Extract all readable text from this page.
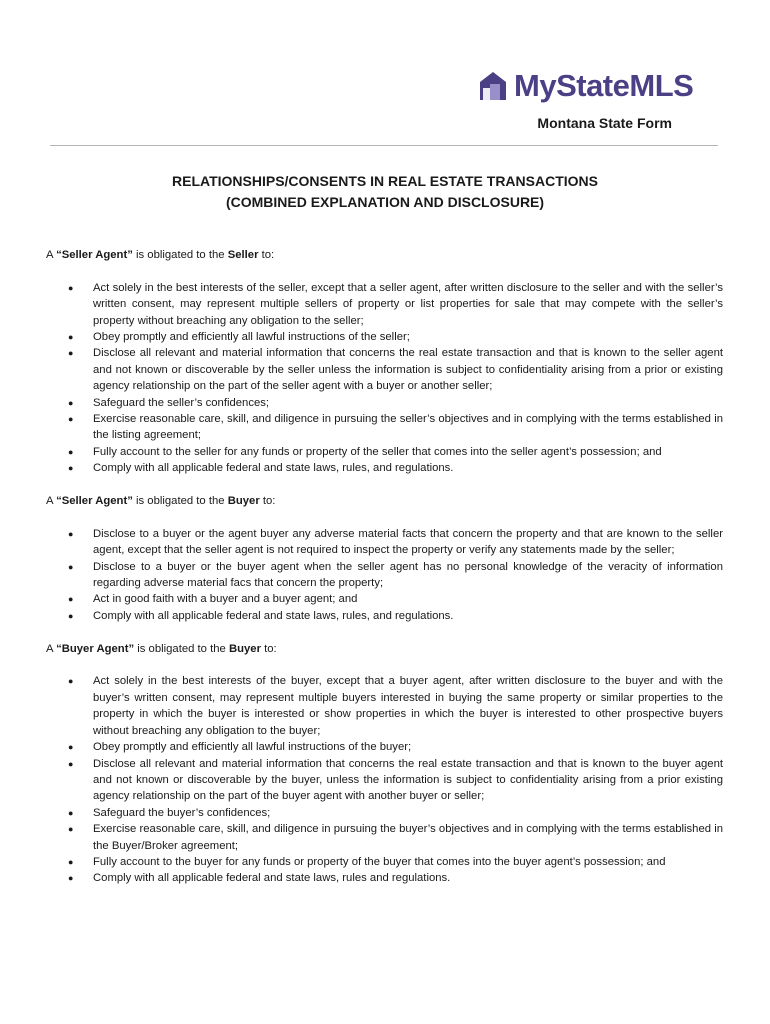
MyStateMLS
Montana State Form
RELATIONSHIPS/CONSENTS IN REAL ESTATE TRANSACTIONS
(COMBINED EXPLANATION AND DISCLOSURE)

A “Seller Agent” is obligated to the Seller to:

● Act solely in the best interests of the seller, except that a seller agent, after written disclosure to the seller and with the seller’s written consent, may represent multiple sellers of property or list properties for sale that may compete with the seller’s property without breaching any obligation to the seller;
● Obey promptly and efficiently all lawful instructions of the seller;
● Disclose all relevant and material information that concerns the real estate transaction and that is known to the seller agent and not known or discoverable by the seller unless the information is subject to confidentiality arising from a prior or existing agency relationship on the part of the seller agent with a buyer or another seller;
● Safeguard the seller’s confidences;
● Exercise reasonable care, skill, and diligence in pursuing the seller’s objectives and in complying with the terms established in the listing agreement;
● Fully account to the seller for any funds or property of the seller that comes into the seller agent’s possession; and
● Comply with all applicable federal and state laws, rules, and regulations.

A “Seller Agent” is obligated to the Buyer to:

● Disclose to a buyer or the agent buyer any adverse material facts that concern the property and that are known to the seller agent, except that the seller agent is not required to inspect the property or verify any statements made by the seller;
● Disclose to a buyer or the buyer agent when the seller agent has no personal knowledge of the veracity of information regarding adverse material facs that concern the property;
● Act in good faith with a buyer and a buyer agent; and
● Comply with all applicable federal and state laws, rules, and regulations.

A “Buyer Agent” is obligated to the Buyer to:

● Act solely in the best interests of the buyer, except that a buyer agent, after written disclosure to the buyer and with the buyer’s written consent, may represent multiple buyers interested in buying the same property or similar properties to the property in which the buyer is interested or show properties in which the buyer is interested to other prospective buyers without breaching any obligation to the buyer;
● Obey promptly and efficiently all lawful instructions of the buyer;
● Disclose all relevant and material information that concerns the real estate transaction and that is known to the buyer agent and not known or discoverable by the buyer, unless the information is subject to confidentiality arising from a prior existing agency relationship on the part of the buyer agent with another buyer or seller;
● Safeguard the buyer’s confidences;
● Exercise reasonable care, skill, and diligence in pursuing the buyer’s objectives and in complying with the terms established in the Buyer/Broker agreement;
● Fully account to the buyer for any funds or property of the buyer that comes into the buyer agent’s possession; and
● Comply with all applicable federal and state laws, rules and regulations.
